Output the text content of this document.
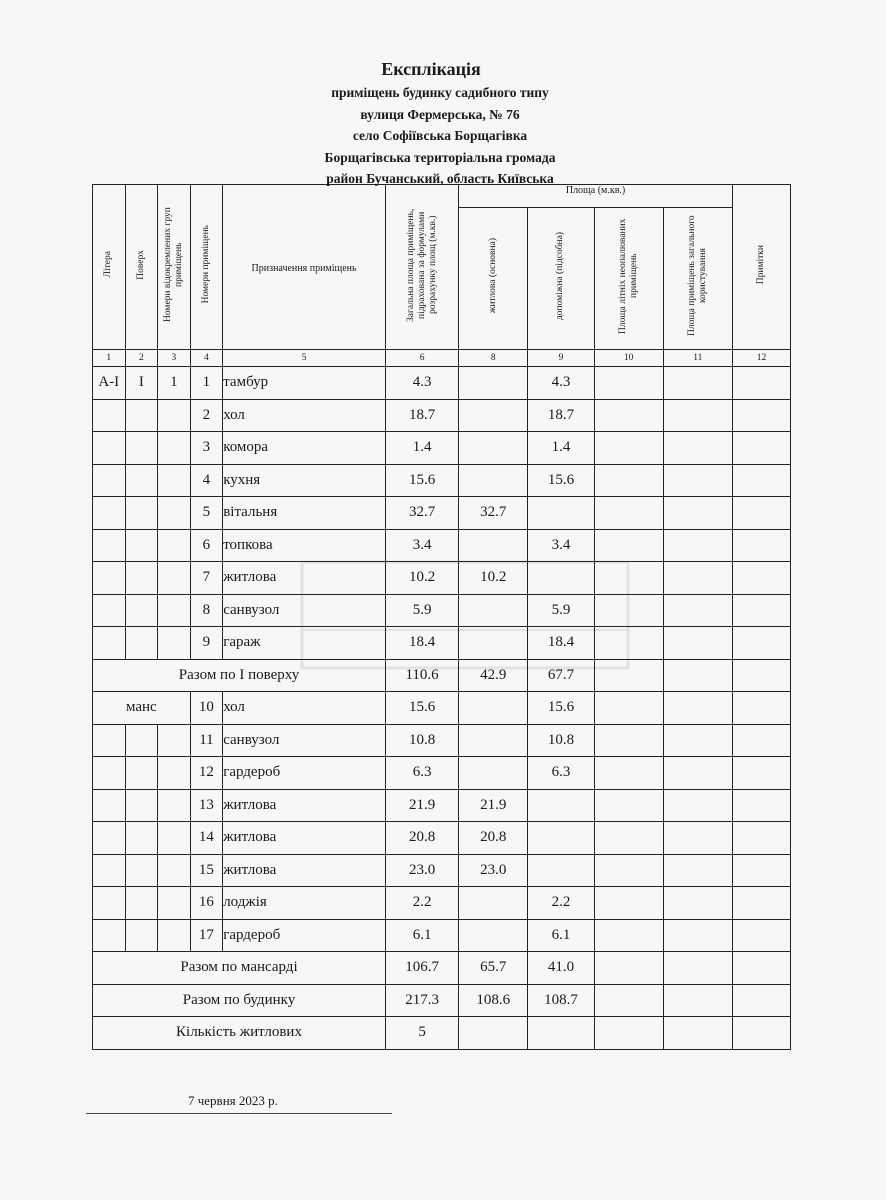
Експлікація
приміщень будинку садибного типу
вулиця Фермерська, № 76
село Софіївська Борщагівка
Борщагівська територіальна громада
район Бучанський, область Київська
Літера	Поверх	Номери відокремлених груп приміщень	Номери приміщень	Призначення приміщень	Загальна площа приміщень, підрахована за формулами розрахунку площ (м.кв.)	Площа (м.кв.)				Примітки
						житлова (основна)	допоміжна (підсобна)	Площа літніх неопалюваних приміщень	Площа приміщень загального користування	
1	2	3	4	5	6	8	9	10	11	12
А-І	І	1	1	тамбур	4.3		4.3			
			2	хол	18.7		18.7			
			3	комора	1.4		1.4			
			4	кухня	15.6		15.6			
			5	вітальня	32.7	32.7				
			6	топкова	3.4		3.4			
			7	житлова	10.2	10.2				
			8	санвузол	5.9		5.9			
			9	гараж	18.4		18.4			
Разом по І поверху					110.6	42.9	67.7			
манс			10	хол	15.6		15.6			
			11	санвузол	10.8		10.8			
			12	гардероб	6.3		6.3			
			13	житлова	21.9	21.9				
			14	житлова	20.8	20.8				
			15	житлова	23.0	23.0				
			16	лоджія	2.2		2.2			
			17	гардероб	6.1		6.1			
Разом по мансарді					106.7	65.7	41.0			
Разом по будинку					217.3	108.6	108.7			
Кількість житлових					5					
7 червня 2023 р.
